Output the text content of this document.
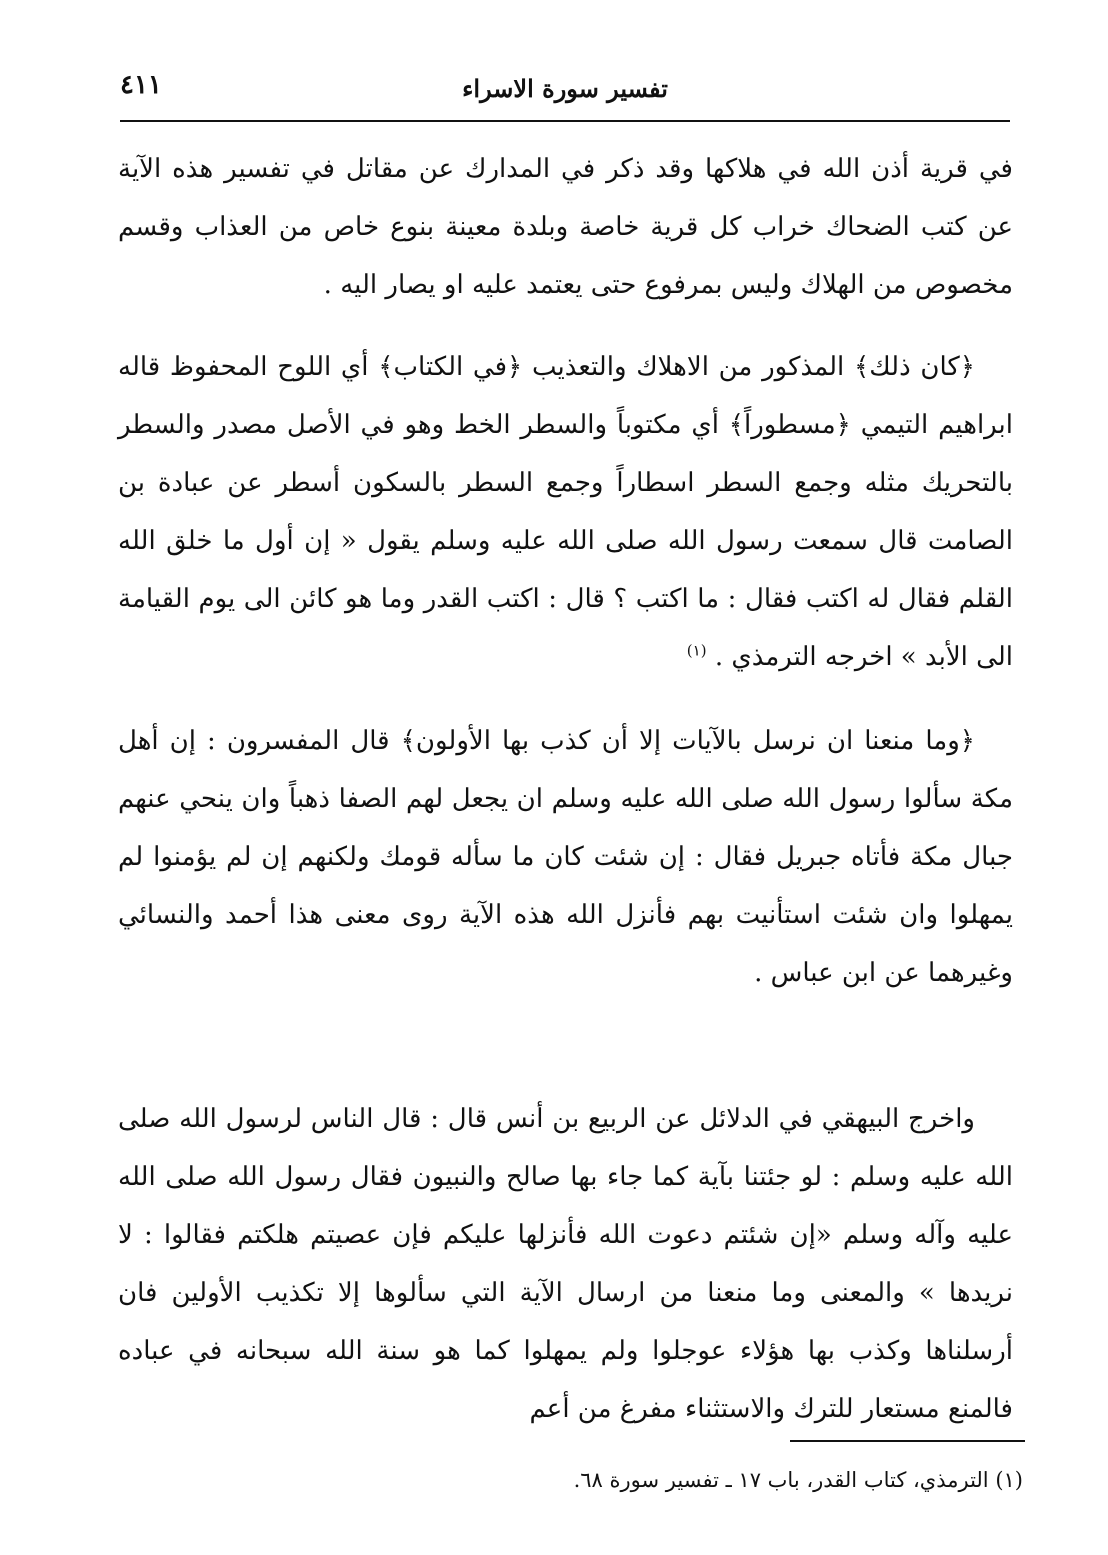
٤١١	تفسير سورة الاسراء

في قرية أذن الله في هلاكها وقد ذكر في المدارك عن مقاتل في تفسير هذه الآية عن كتب الضحاك خراب كل قرية خاصة وبلدة معينة بنوع خاص من العذاب وقسم مخصوص من الهلاك وليس بمرفوع حتى يعتمد عليه او يصار اليه .

﴿كان ذلك﴾ المذكور من الاهلاك والتعذيب ﴿في الكتاب﴾ أي اللوح المحفوظ قاله ابراهيم التيمي ﴿مسطوراً﴾ أي مكتوباً والسطر الخط وهو في الأصل مصدر والسطر بالتحريك مثله وجمع السطر اسطاراً وجمع السطر بالسكون أسطر عن عبادة بن الصامت قال سمعت رسول الله صلى الله عليه وسلم يقول « إن أول ما خلق الله القلم فقال له اكتب فقال : ما اكتب ؟ قال : اكتب القدر وما هو كائن الى يوم القيامة الى الأبد » اخرجه الترمذي . $^{(١)}$

﴿وما منعنا ان نرسل بالآيات إلا أن كذب بها الأولون﴾ قال المفسرون : إن أهل مكة سألوا رسول الله صلى الله عليه وسلم ان يجعل لهم الصفا ذهباً وان ينحي عنهم جبال مكة فأتاه جبريل فقال : إن شئت كان ما سأله قومك ولكنهم إن لم يؤمنوا لم يمهلوا وان شئت استأنيت بهم فأنزل الله هذه الآية روى معنى هذا أحمد والنسائي وغيرهما عن ابن عباس .

واخرج البيهقي في الدلائل عن الربيع بن أنس قال : قال الناس لرسول الله صلى الله عليه وسلم : لو جئتنا بآية كما جاء بها صالح والنبيون فقال رسول الله صلى الله عليه وآله وسلم «إن شئتم دعوت الله فأنزلها عليكم فإن عصيتم هلكتم فقالوا : لا نريدها » والمعنى وما منعنا من ارسال الآية التي سألوها إلا تكذيب الأولين فان أرسلناها وكذب بها هؤلاء عوجلوا ولم يمهلوا كما هو سنة الله سبحانه في عباده فالمنع مستعار للترك والاستثناء مفرغ من أعم

(١) الترمذي، كتاب القدر، باب ١٧ ـ تفسير سورة ٦٨.
